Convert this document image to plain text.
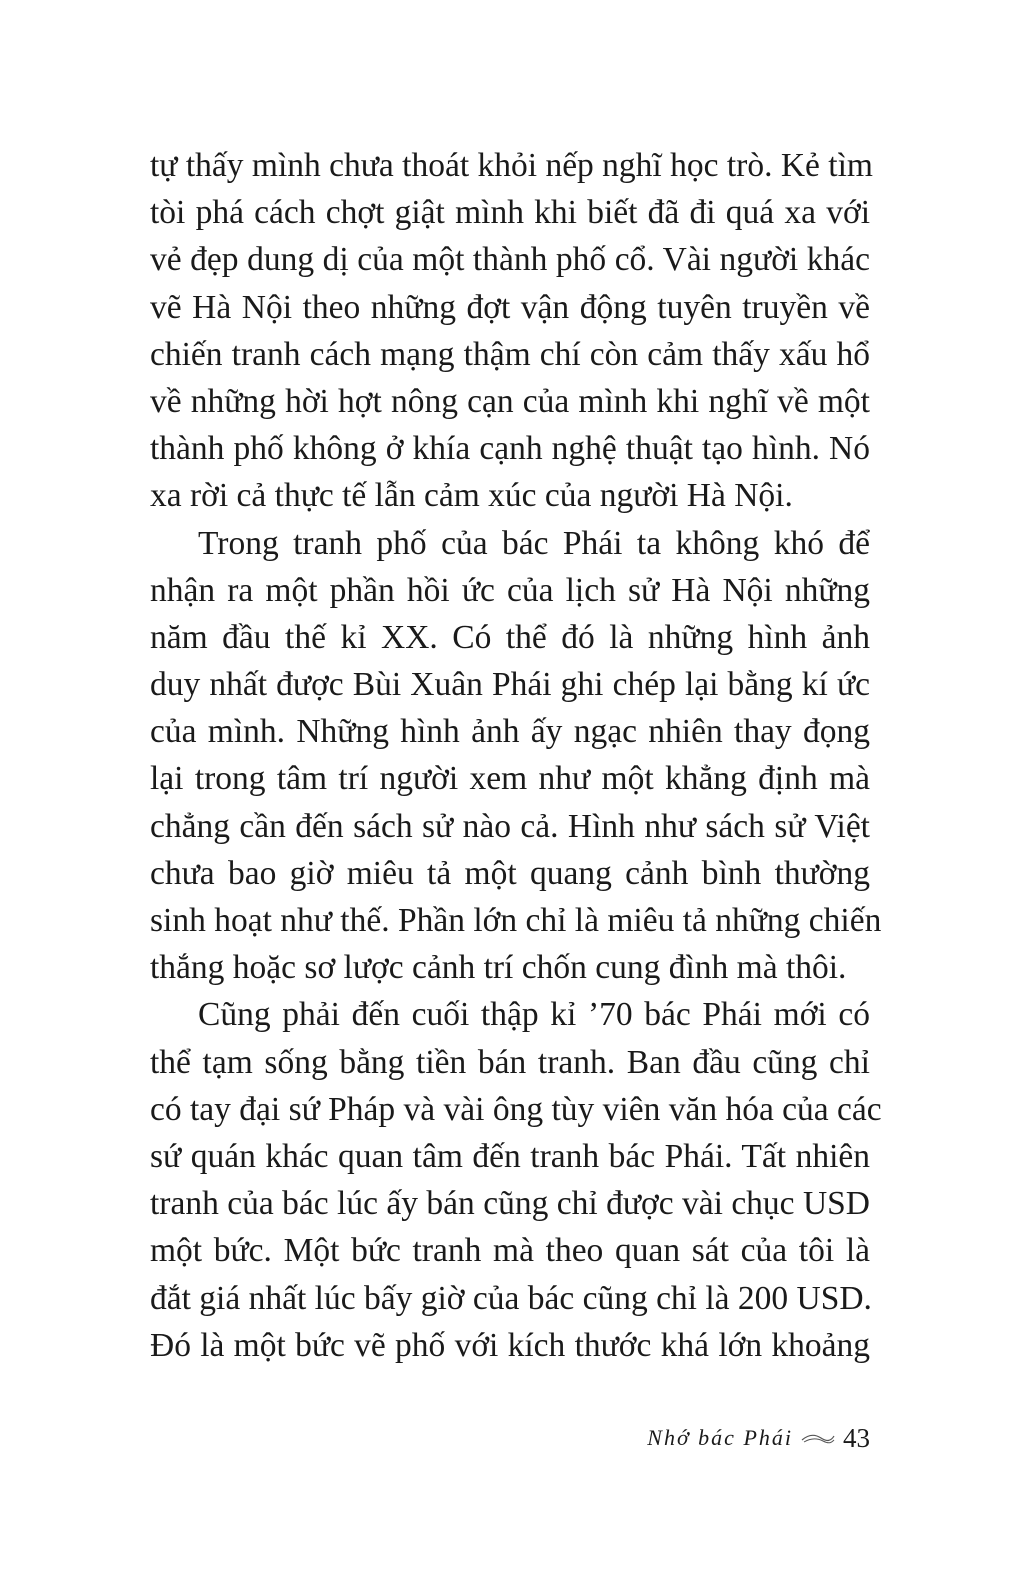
tự thấy mình chưa thoát khỏi nếp nghĩ học trò. Kẻ tìm
tòi phá cách chợt giật mình khi biết đã đi quá xa với
vẻ đẹp dung dị của một thành phố cổ. Vài người khác
vẽ Hà Nội theo những đợt vận động tuyên truyền về
chiến tranh cách mạng thậm chí còn cảm thấy xấu hổ
về những hời hợt nông cạn của mình khi nghĩ về một
thành phố không ở khía cạnh nghệ thuật tạo hình. Nó
xa rời cả thực tế lẫn cảm xúc của người Hà Nội.
Trong tranh phố của bác Phái ta không khó để
nhận ra một phần hồi ức của lịch sử Hà Nội những
năm đầu thế kỉ XX. Có thể đó là những hình ảnh
duy nhất được Bùi Xuân Phái ghi chép lại bằng kí ức
của mình. Những hình ảnh ấy ngạc nhiên thay đọng
lại trong tâm trí người xem như một khẳng định mà
chẳng cần đến sách sử nào cả. Hình như sách sử Việt
chưa bao giờ miêu tả một quang cảnh bình thường
sinh hoạt như thế. Phần lớn chỉ là miêu tả những chiến
thắng hoặc sơ lược cảnh trí chốn cung đình mà thôi.
Cũng phải đến cuối thập kỉ ’70 bác Phái mới có
thể tạm sống bằng tiền bán tranh. Ban đầu cũng chỉ
có tay đại sứ Pháp và vài ông tùy viên văn hóa của các
sứ quán khác quan tâm đến tranh bác Phái. Tất nhiên
tranh của bác lúc ấy bán cũng chỉ được vài chục USD
một bức. Một bức tranh mà theo quan sát của tôi là
đắt giá nhất lúc bấy giờ của bác cũng chỉ là 200 USD.
Đó là một bức vẽ phố với kích thước khá lớn khoảng
Nhớ bác Phái 43
